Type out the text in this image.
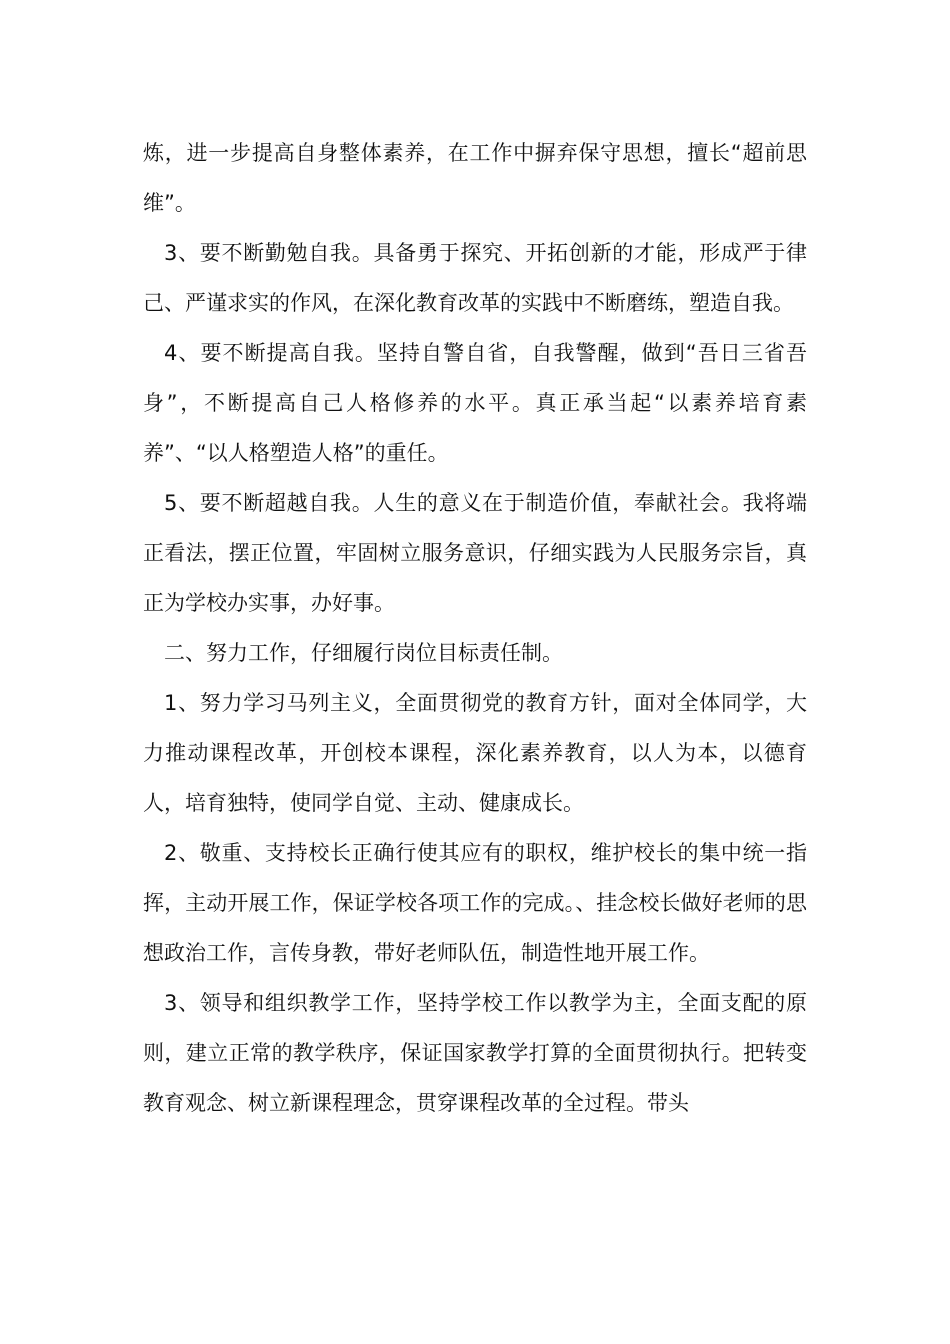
炼，进一步提高自身整体素养，在工作中摒弃保守思想，擅长“超前思维”。

3、要不断勤勉自我。具备勇于探究、开拓创新的才能，形成严于律己、严谨求实的作风，在深化教育改革的实践中不断磨练，塑造自我。

4、要不断提高自我。坚持自警自省，自我警醒，做到“吾日三省吾身”，不断提高自己人格修养的水平。真正承当起“以素养培育素养”、“以人格塑造人格”的重任。

5、要不断超越自我。人生的意义在于制造价值，奉献社会。我将端正看法，摆正位置，牢固树立服务意识，仔细实践为人民服务宗旨，真正为学校办实事，办好事。

二、努力工作，仔细履行岗位目标责任制。

1、努力学习马列主义，全面贯彻党的教育方针，面对全体同学，大力推动课程改革，开创校本课程，深化素养教育，以人为本，以德育人，培育独特，使同学自觉、主动、健康成长。

2、敬重、支持校长正确行使其应有的职权，维护校长的集中统一指挥，主动开展工作，保证学校各项工作的完成。、挂念校长做好老师的思想政治工作，言传身教，带好老师队伍，制造性地开展工作。

3、领导和组织教学工作，坚持学校工作以教学为主，全面支配的原则，建立正常的教学秩序，保证国家教学打算的全面贯彻执行。把转变教育观念、树立新课程理念，贯穿课程改革的全过程。带头
